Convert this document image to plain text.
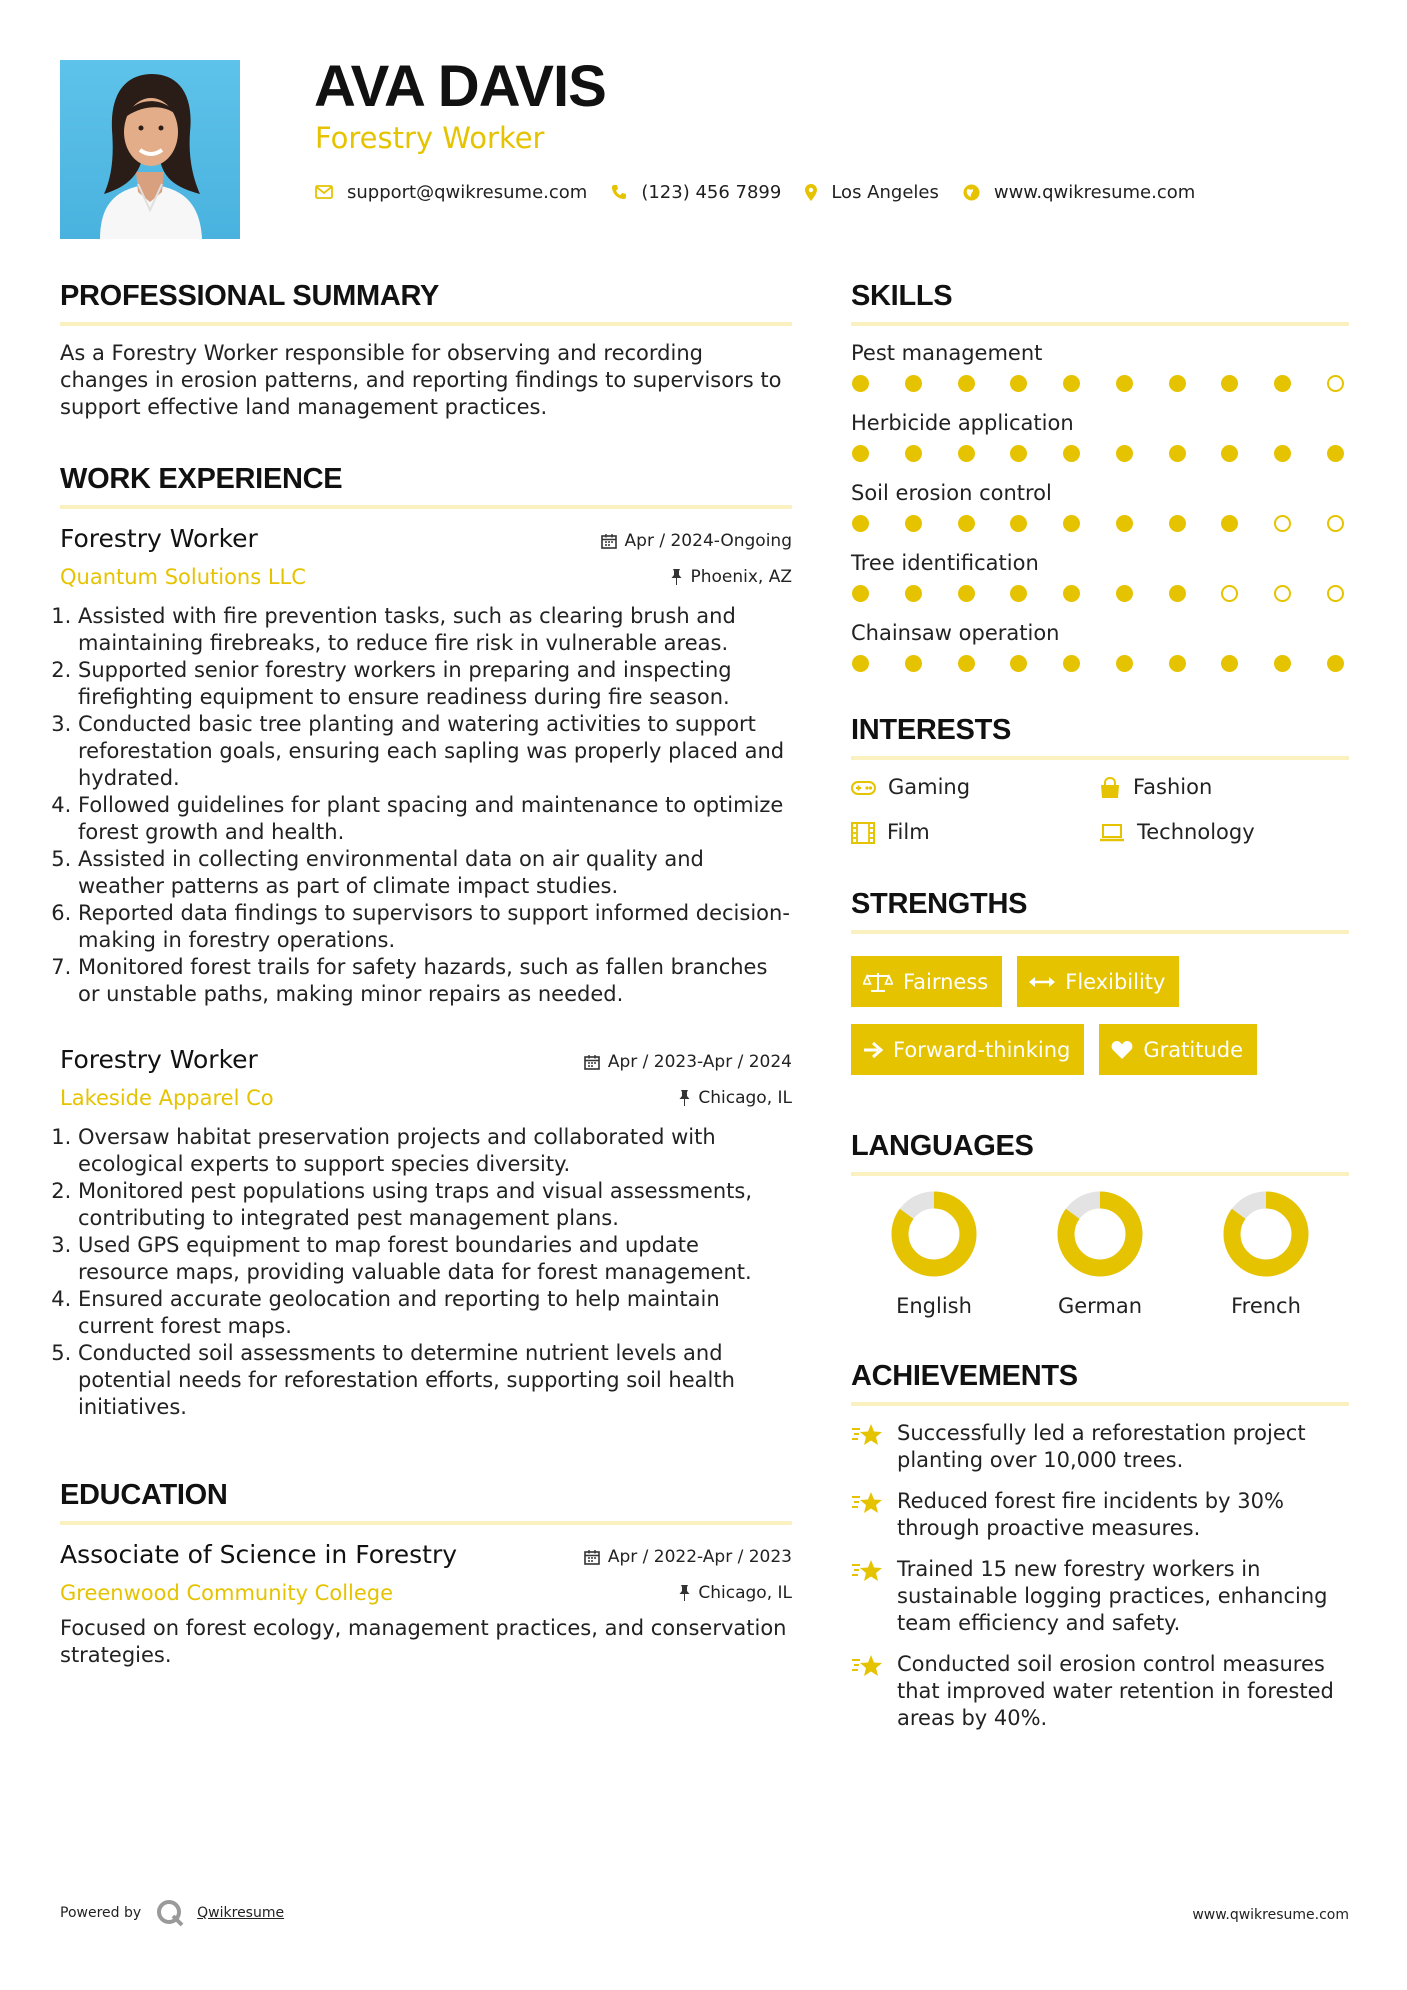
AVA DAVIS
Forestry Worker
support@qwikresume.com	(123) 456 7899	Los Angeles	www.qwikresume.com
PROFESSIONAL SUMMARY
As a Forestry Worker responsible for observing and recording changes in erosion patterns, and reporting findings to supervisors to support effective land management practices.
WORK EXPERIENCE
Forestry Worker	Apr / 2024-Ongoing
Quantum Solutions LLC	Phoenix, AZ
1. Assisted with fire prevention tasks, such as clearing brush and maintaining firebreaks, to reduce fire risk in vulnerable areas.
2. Supported senior forestry workers in preparing and inspecting firefighting equipment to ensure readiness during fire season.
3. Conducted basic tree planting and watering activities to support reforestation goals, ensuring each sapling was properly placed and hydrated.
4. Followed guidelines for plant spacing and maintenance to optimize forest growth and health.
5. Assisted in collecting environmental data on air quality and weather patterns as part of climate impact studies.
6. Reported data findings to supervisors to support informed decision-making in forestry operations.
7. Monitored forest trails for safety hazards, such as fallen branches or unstable paths, making minor repairs as needed.
Forestry Worker	Apr / 2023-Apr / 2024
Lakeside Apparel Co	Chicago, IL
1. Oversaw habitat preservation projects and collaborated with ecological experts to support species diversity.
2. Monitored pest populations using traps and visual assessments, contributing to integrated pest management plans.
3. Used GPS equipment to map forest boundaries and update resource maps, providing valuable data for forest management.
4. Ensured accurate geolocation and reporting to help maintain current forest maps.
5. Conducted soil assessments to determine nutrient levels and potential needs for reforestation efforts, supporting soil health initiatives.
EDUCATION
Associate of Science in Forestry	Apr / 2022-Apr / 2023
Greenwood Community College	Chicago, IL
Focused on forest ecology, management practices, and conservation strategies.
SKILLS
Pest management
Herbicide application
Soil erosion control
Tree identification
Chainsaw operation
INTERESTS
Gaming	Fashion
Film	Technology
STRENGTHS
Fairness	Flexibility
Forward-thinking	Gratitude
LANGUAGES
English	German	French
ACHIEVEMENTS
Successfully led a reforestation project planting over 10,000 trees.
Reduced forest fire incidents by 30% through proactive measures.
Trained 15 new forestry workers in sustainable logging practices, enhancing team efficiency and safety.
Conducted soil erosion control measures that improved water retention in forested areas by 40%.
Powered by	Qwikresume	www.qwikresume.com
